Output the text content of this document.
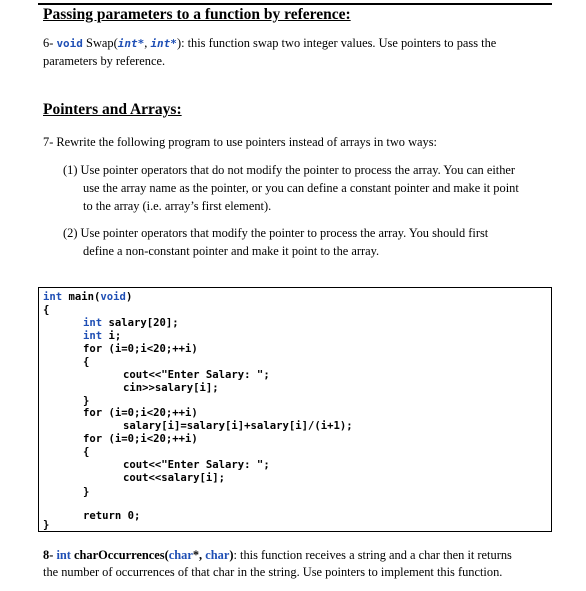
Passing parameters to a function by reference:
6- void Swap(int*, int*): this function swap two integer values. Use pointers to pass the
parameters by reference.
Pointers and Arrays:
7- Rewrite the following program to use pointers instead of arrays in two ways:
(1) Use pointer operators that do not modify the pointer to process the array. You can either
use the array name as the pointer, or you can define a constant pointer and make it point
to the array (i.e. array’s first element).
(2) Use pointer operators that modify the pointer to process the array. You should first
define a non-constant pointer and make it point to the array.
int main(void)
{
int salary[20];
int i;
for (i=0;i<20;++i)
{
cout<<"Enter Salary: ";
cin>>salary[i];
}
for (i=0;i<20;++i)
salary[i]=salary[i]+salary[i]/(i+1);
for (i=0;i<20;++i)
{
cout<<"Enter Salary: ";
cout<<salary[i];
}
return 0;
}
8- int charOccurrences(char*, char): this function receives a string and a char then it returns
the number of occurrences of that char in the string. Use pointers to implement this function.
